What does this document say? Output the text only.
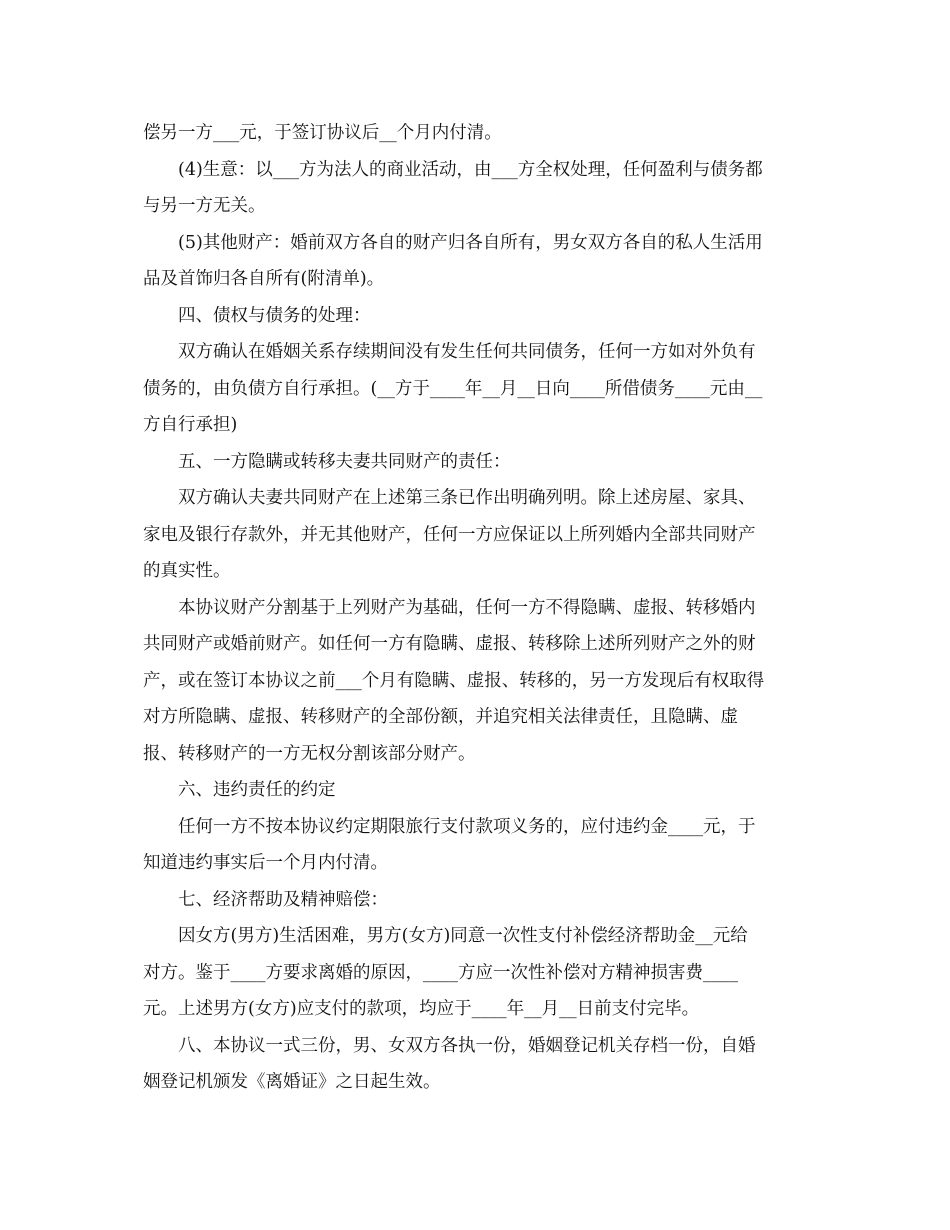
偿另一方___元，于签订协议后__个月内付清。
(4)生意：以___方为法人的商业活动，由___方全权处理，任何盈利与债务都
与另一方无关。
(5)其他财产：婚前双方各自的财产归各自所有，男女双方各自的私人生活用
品及首饰归各自所有(附清单)。
四、债权与债务的处理：
双方确认在婚姻关系存续期间没有发生任何共同债务，任何一方如对外负有
债务的，由负债方自行承担。(__方于____年__月__日向____所借债务____元由__
方自行承担)
五、一方隐瞒或转移夫妻共同财产的责任：
双方确认夫妻共同财产在上述第三条已作出明确列明。除上述房屋、家具、
家电及银行存款外，并无其他财产，任何一方应保证以上所列婚内全部共同财产
的真实性。
本协议财产分割基于上列财产为基础，任何一方不得隐瞒、虚报、转移婚内
共同财产或婚前财产。如任何一方有隐瞒、虚报、转移除上述所列财产之外的财
产，或在签订本协议之前___个月有隐瞒、虚报、转移的，另一方发现后有权取得
对方所隐瞒、虚报、转移财产的全部份额，并追究相关法律责任，且隐瞒、虚
报、转移财产的一方无权分割该部分财产。
六、违约责任的约定
任何一方不按本协议约定期限旅行支付款项义务的，应付违约金____元，于
知道违约事实后一个月内付清。
七、经济帮助及精神赔偿：
因女方(男方)生活困难，男方(女方)同意一次性支付补偿经济帮助金__元给
对方。鉴于____方要求离婚的原因，____方应一次性补偿对方精神损害费____
元。上述男方(女方)应支付的款项，均应于____年__月__日前支付完毕。
八、本协议一式三份，男、女双方各执一份，婚姻登记机关存档一份，自婚
姻登记机颁发《离婚证》之日起生效。
